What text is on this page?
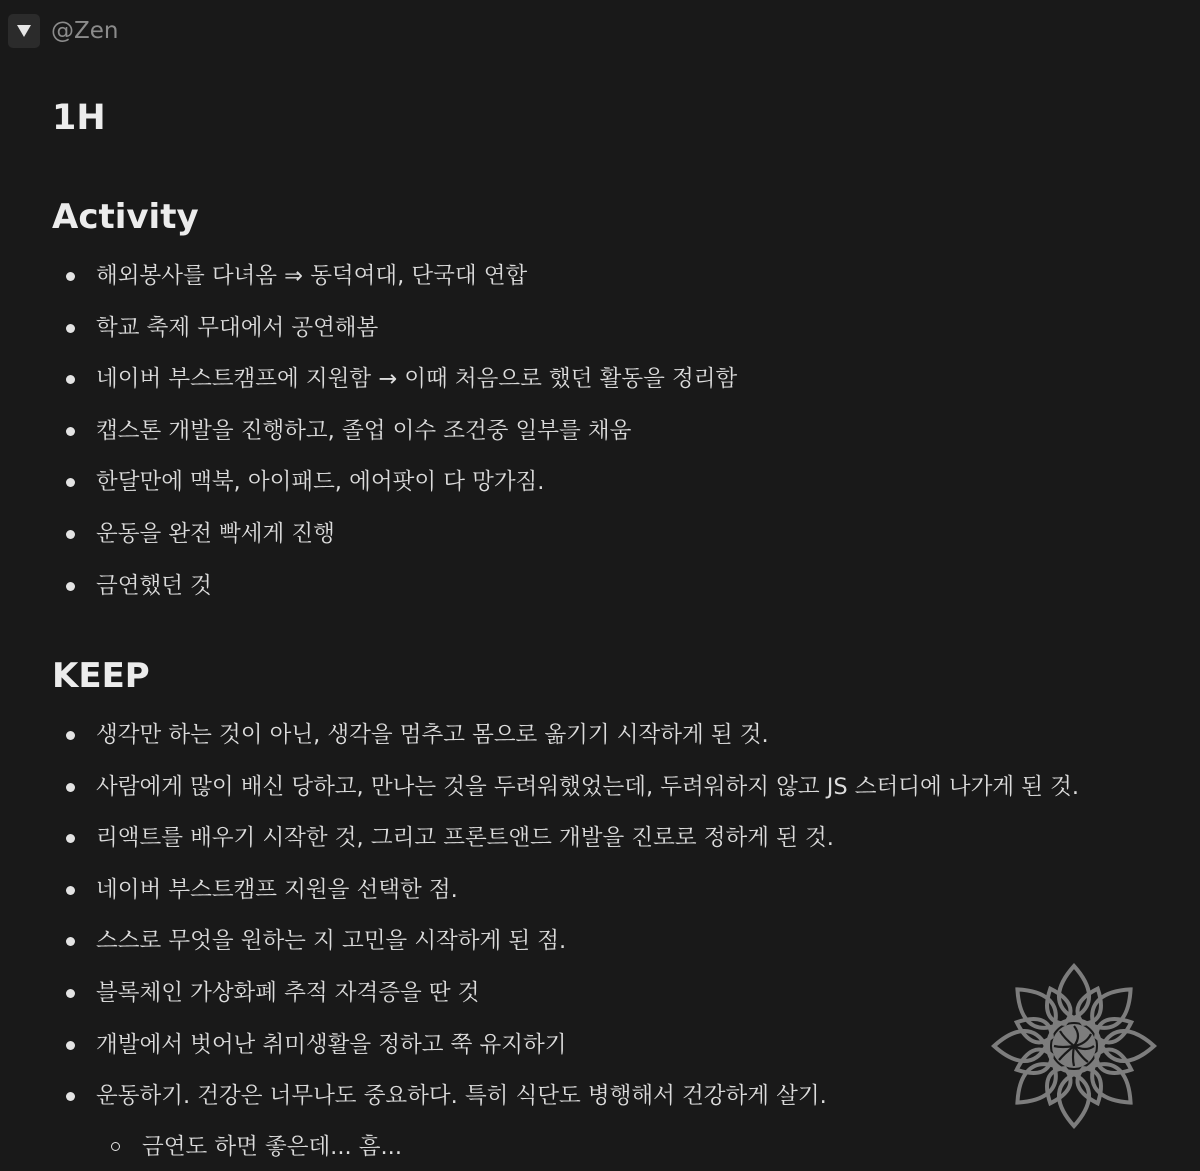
@Zen
1H
Activity
해외봉사를 다녀옴 ⇒ 동덕여대, 단국대 연합
학교 축제 무대에서 공연해봄
네이버 부스트캠프에 지원함 → 이때 처음으로 했던 활동을 정리함
캡스톤 개발을 진행하고, 졸업 이수 조건중 일부를 채움
한달만에 맥북, 아이패드, 에어팟이 다 망가짐.
운동을 완전 빡세게 진행
금연했던 것
KEEP
생각만 하는 것이 아닌, 생각을 멈추고 몸으로 옮기기 시작하게 된 것.
사람에게 많이 배신 당하고, 만나는 것을 두려워했었는데, 두려워하지 않고 JS 스터디에 나가게 된 것.
리액트를 배우기 시작한 것, 그리고 프론트앤드 개발을 진로로 정하게 된 것.
네이버 부스트캠프 지원을 선택한 점.
스스로 무엇을 원하는 지 고민을 시작하게 된 점.
블록체인 가상화폐 추적 자격증을 딴 것
개발에서 벗어난 취미생활을 정하고 쭉 유지하기
운동하기. 건강은 너무나도 중요하다. 특히 식단도 병행해서 건강하게 살기.
금연도 하면 좋은데... 흠...
